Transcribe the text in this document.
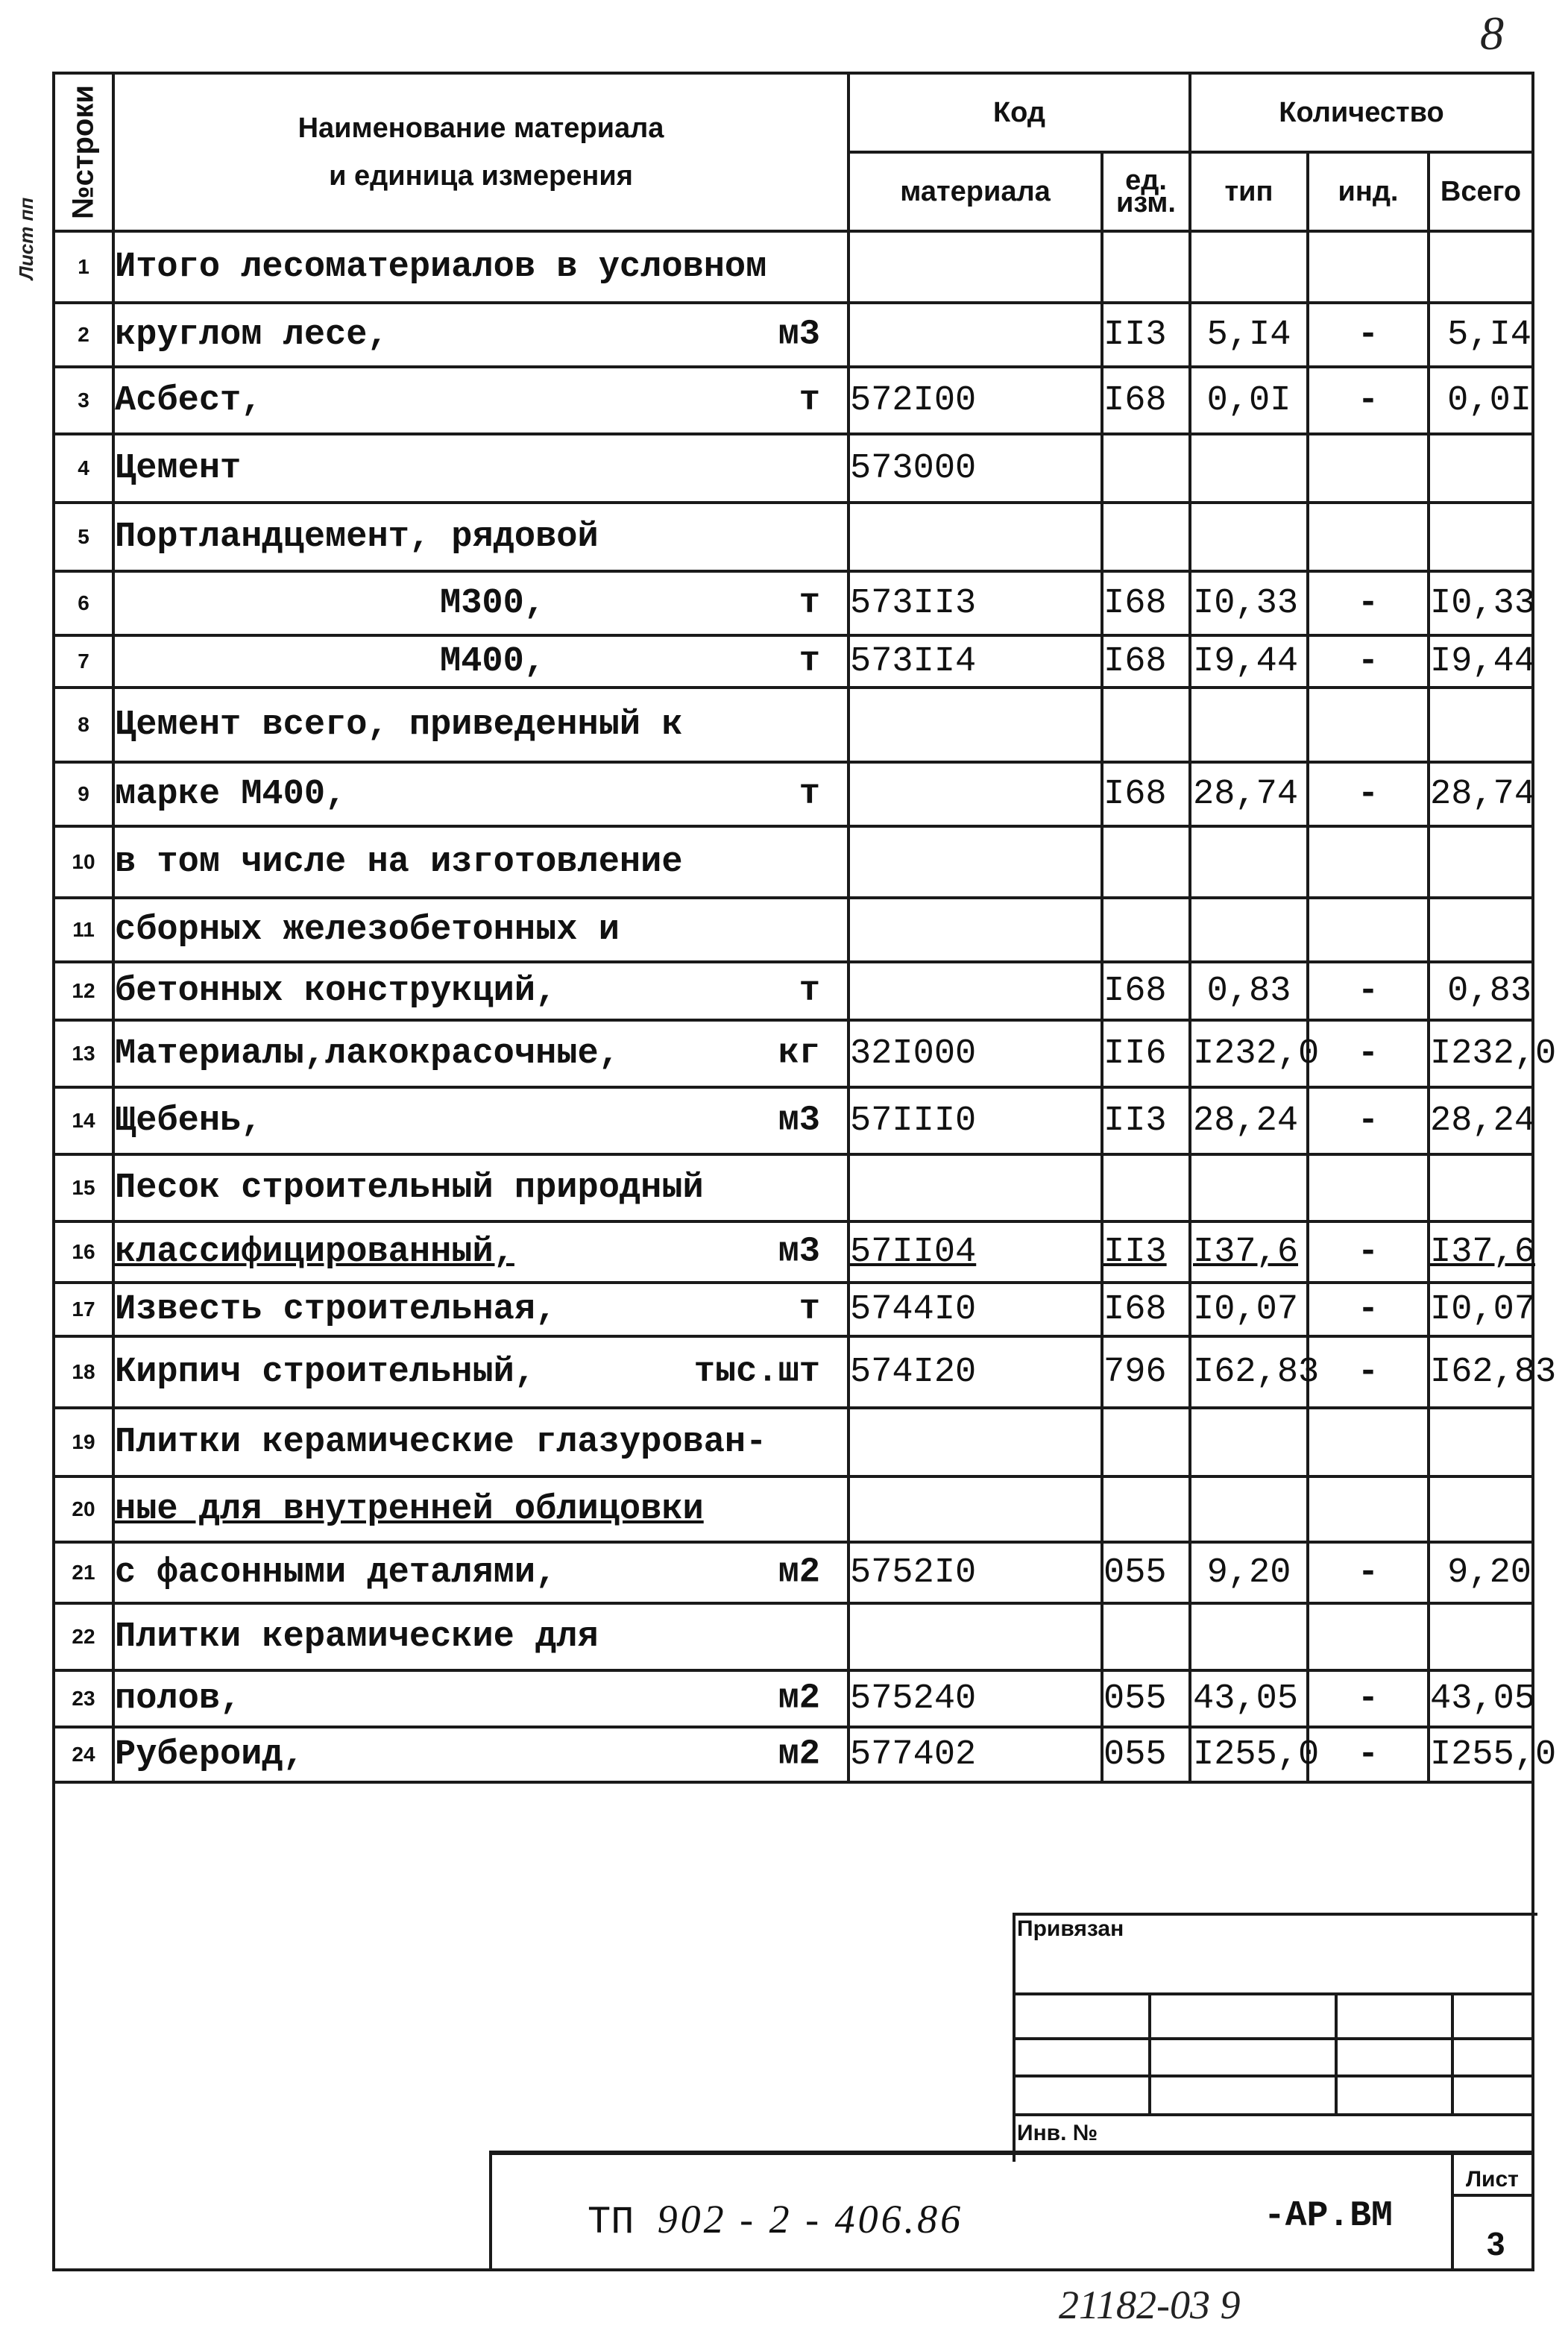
8
Лист пп
№строки	Наименование материала
и единица измерения	Код		Количество		
		материала	ед. изм.	тип	инд.	Всего
1	Итого лесоматериалов в условном

2	круглом лесе, м3		II3	5,I4	-	5,I4
3	Асбест, т	572I00	I68	0,0I	-	0,0I
4	Цемент	573000				
5	Портландцемент, рядовой

6	М300, т	573II3	I68	I0,33	-	I0,33
7	М400, т	573II4	I68	I9,44	-	I9,44
8	Цемент всего, приведенный к

9	марке М400, т		I68	28,74	-	28,74
10	в том числе на изготовление

11	сборных железобетонных и

12	бетонных конструкций, т		I68	0,83	-	0,83
13	Материалы,лакокрасочные, кг	32I000	II6	I232,0	-	I232,0
14	Щебень, м3	57III0	II3	28,24	-	28,24
15	Песок строительный природный

16	классифицированный, м3	57II04	II3	I37,6	-	I37,6
17	Известь строительная, т	5744I0	I68	I0,07	-	I0,07
18	Кирпич строительный, тыс.шт	574I20	796	I62,83	-	I62,83
19	Плитки керамические глазурован-

20	ные для внутренней облицовки

21	с фасонными деталями, м2	5752I0	055	9,20	-	9,20
22	Плитки керамические для

23	полов, м2	575240	055	43,05	-	43,05
24	Рубероид, м2	577402	055	I255,0	-	I255,0
Привязан
Инв. №
ТП 902 - 2 - 406.86	-АР.ВМ
Лист
3
21182-03 9
